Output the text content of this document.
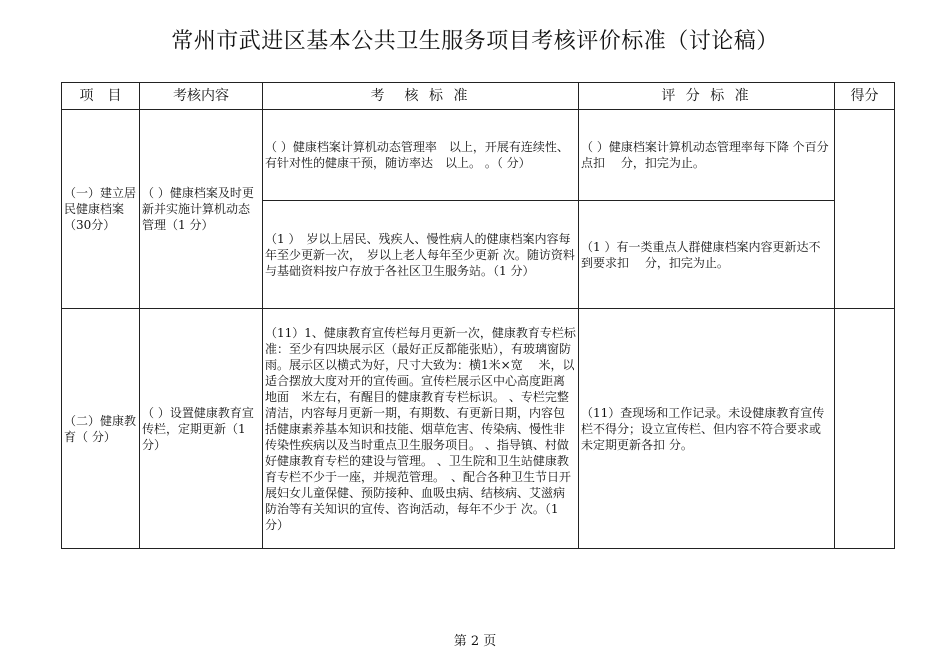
常州市武进区基本公共卫生服务项目考核评价标准（讨论稿）
项　目	考核内容	考　核 标 准	评 分 标 准	得分
（一）建立居民健康档案（30分）	（ ）健康档案及时更新并实施计算机动态管理（1 分）	（ ）健康档案计算机动态管理率　以上，开展有连续性、有针对性的健康干预，随访率达　以上。 。（ 分）	（ ）健康档案计算机动态管理率每下降 个百分点扣　 分，扣完为止。	
		（1 ）　岁以上居民、残疾人、慢性病人的健康档案内容每年至少更新一次，　岁以上老人每年至少更新 次。随访资料与基础资料按户存放于各社区卫生服务站。（1 分）	（1 ）有一类重点人群健康档案内容更新达不到要求扣　 分，扣完为止。	
（二）健康教育（ 分）	（ ）设置健康教育宣传栏，定期更新（1 分）	（11）1、健康教育宣传栏每月更新一次，健康教育专栏标准：至少有四块展示区（最好正反都能张贴），有玻璃窗防雨。展示区以横式为好，尺寸大致为：横1米×宽　 米，以适合摆放大度对开的宣传画。宣传栏展示区中心高度距离地面　米左右，有醒目的健康教育专栏标识。 、专栏完整清洁，内容每月更新一期，有期数、有更新日期，内容包括健康素养基本知识和技能、烟草危害、传染病、慢性非传染性疾病以及当时重点卫生服务项目。 、指导镇、村做好健康教育专栏的建设与管理。 、卫生院和卫生站健康教育专栏不少于一座，并规范管理。　、配合各种卫生节日开展妇女儿童保健、预防接种、血吸虫病、结核病、艾滋病防治等有关知识的宣传、咨询活动，每年不少于 次。（1 分）	（11）查现场和工作记录。未设健康教育宣传栏不得分；设立宣传栏、但内容不符合要求或未定期更新各扣 分。	
第 2 页
